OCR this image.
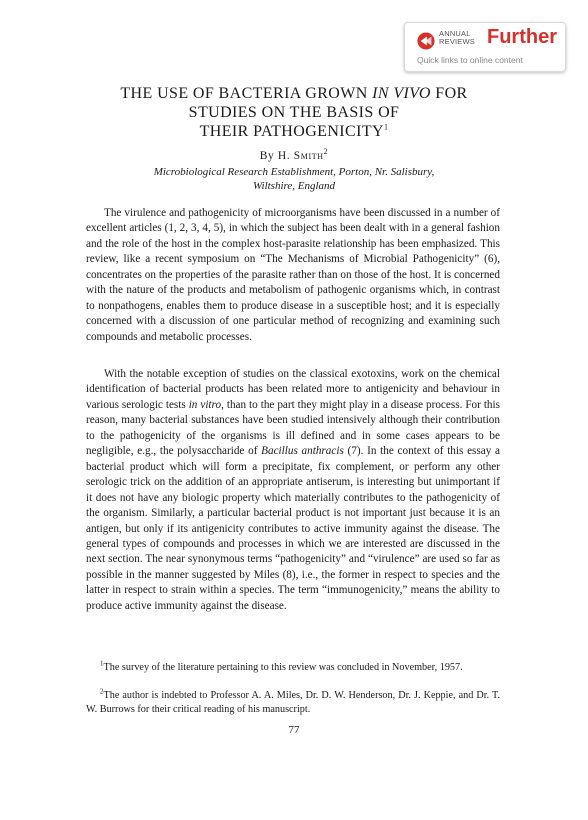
ANNUAL
REVIEWS Further
Quick links to online content
THE USE OF BACTERIA GROWN IN VIVO FOR
STUDIES ON THE BASIS OF
THEIR PATHOGENICITY$^1$
By H. Smith$^2$
Microbiological Research Establishment, Porton, Nr. Salisbury,
Wiltshire, England

The virulence and pathogenicity of microorganisms have been discussed in a number of excellent articles (1, 2, 3, 4, 5), in which the subject has been dealt with in a general fashion and the role of the host in the complex host-parasite relationship has been emphasized. This review, like a recent symposium on “The Mechanisms of Microbial Pathogenicity” (6), concentrates on the properties of the parasite rather than on those of the host. It is concerned with the nature of the products and metabolism of pathogenic organisms which, in contrast to nonpathogens, enables them to produce disease in a susceptible host; and it is especially concerned with a discussion of one particular method of recognizing and examining such compounds and metabolic processes.

With the notable exception of studies on the classical exotoxins, work on the chemical identification of bacterial products has been related more to antigenicity and behaviour in various serologic tests in vitro, than to the part they might play in a disease process. For this reason, many bacterial substances have been studied intensively although their contribution to the pathogenicity of the organisms is ill defined and in some cases appears to be negligible, e.g., the polysaccharide of Bacillus anthracis (7). In the context of this essay a bacterial product which will form a precipitate, fix complement, or perform any other serologic trick on the addition of an appropriate antiserum, is interesting but unimportant if it does not have any biologic property which materially contributes to the pathogenicity of the organism. Similarly, a particular bacterial product is not important just because it is an antigen, but only if its antigenicity contributes to active immunity against the disease. The general types of compounds and processes in which we are interested are discussed in the next section. The near synonymous terms “pathogenicity” and “virulence” are used so far as possible in the manner suggested by Miles (8), i.e., the former in respect to species and the latter in respect to strain within a species. The term “immunogenicity,” means the ability to produce active immunity against the disease.

$^1$The survey of the literature pertaining to this review was concluded in November, 1957.
$^2$The author is indebted to Professor A. A. Miles, Dr. D. W. Henderson, Dr. J. Keppie, and Dr. T. W. Burrows for their critical reading of his manuscript.
77
